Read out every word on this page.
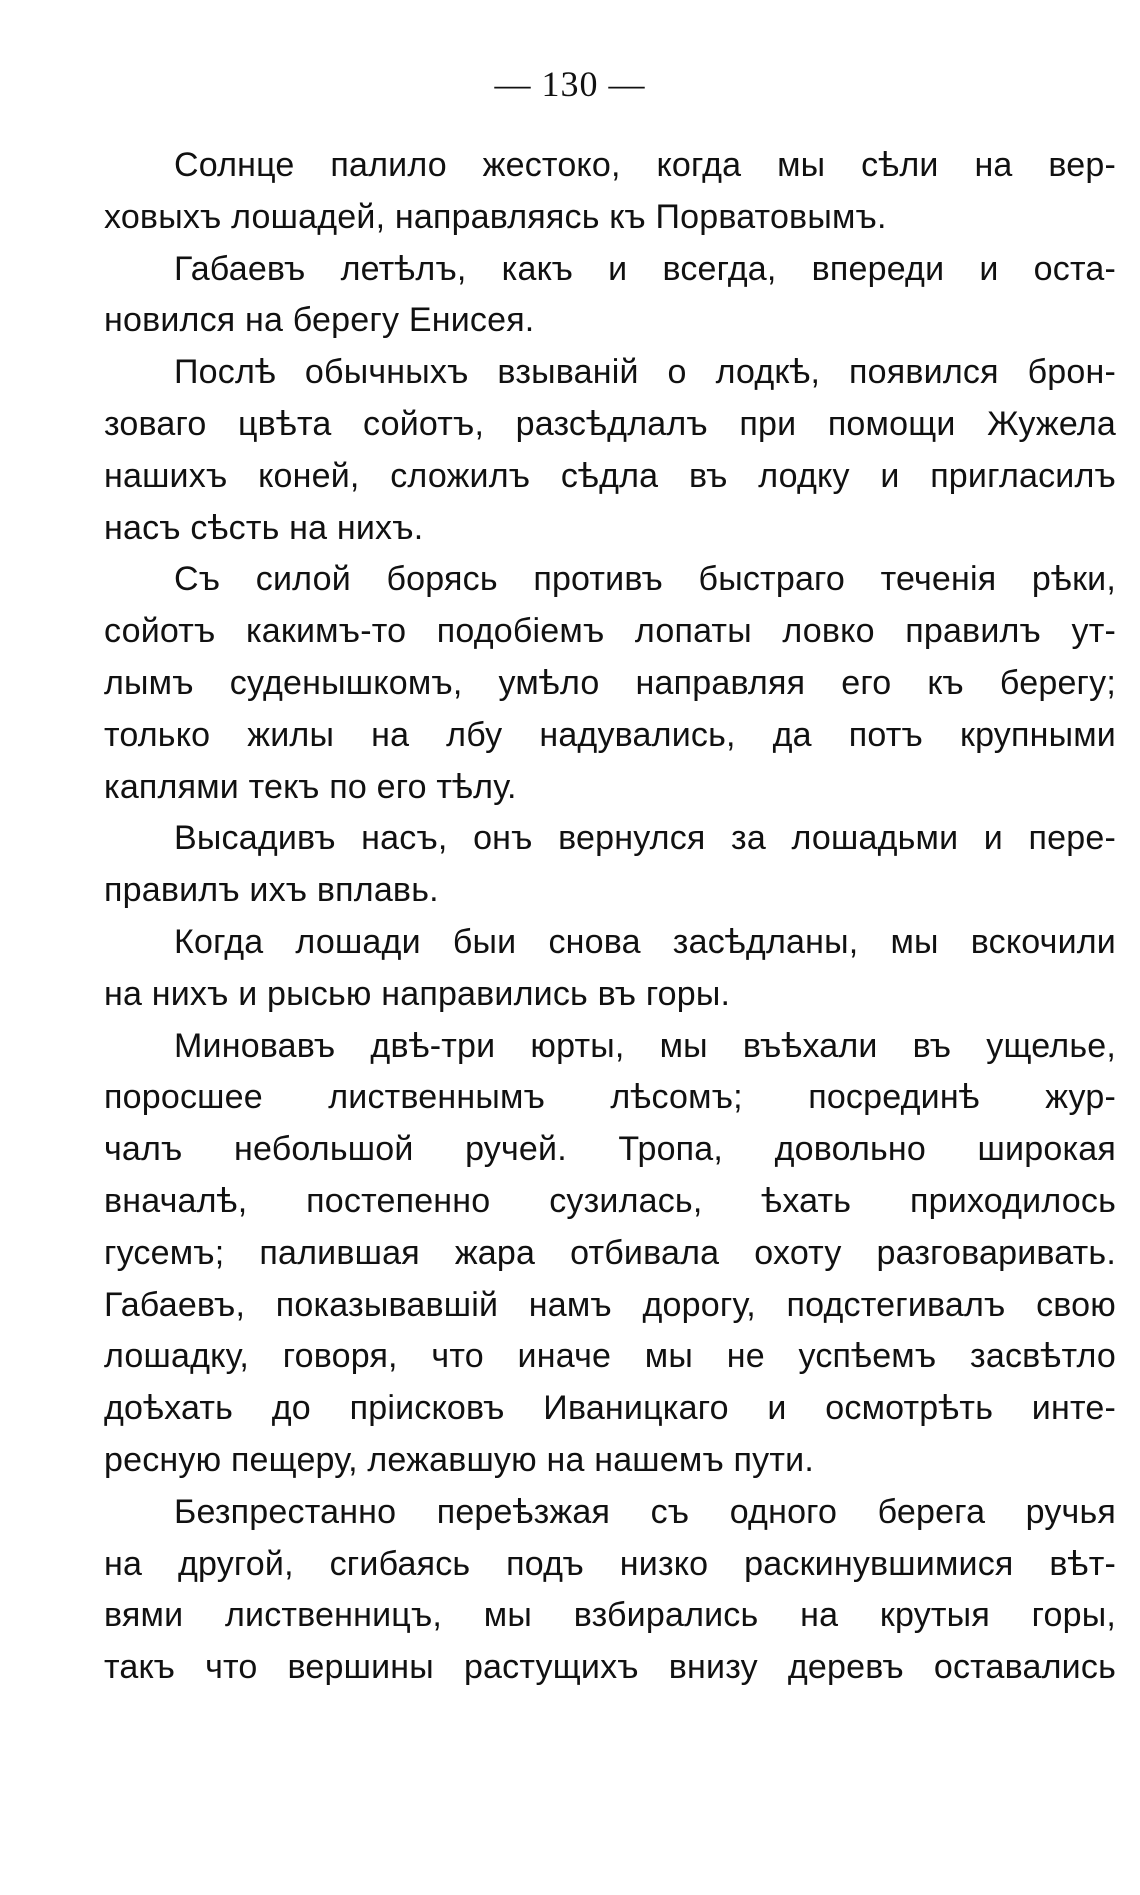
— 130 —
Солнце палило жестоко, когда мы сѣли на вер-
ховыхъ лошадей, направляясь къ Порватовымъ.
Габаевъ летѣлъ, какъ и всегда, впереди и оста-
новился на берегу Енисея.
Послѣ обычныхъ взываній о лодкѣ, появился брон-
зоваго цвѣта сойотъ, разсѣдлалъ при помощи Жужела
нашихъ коней, сложилъ сѣдла въ лодку и пригласилъ
насъ сѣсть на нихъ.
Съ силой борясь противъ быстраго теченія рѣки,
сойотъ какимъ-то подобіемъ лопаты ловко правилъ ут-
лымъ суденышкомъ, умѣло направляя его къ берегу;
только жилы на лбу надувались, да потъ крупными
каплями текъ по его тѣлу.
Высадивъ насъ, онъ вернулся за лошадьми и пере-
правилъ ихъ вплавь.
Когда лошади быи снова засѣдланы, мы вскочили
на нихъ и рысью направились въ горы.
Миновавъ двѣ-три юрты, мы въѣхали въ ущелье,
поросшее лиственнымъ лѣсомъ; посрединѣ жур-
чалъ небольшой ручей. Тропа, довольно широкая
вначалѣ, постепенно сузилась, ѣхать приходилось
гусемъ; палившая жара отбивала охоту разговаривать.
Габаевъ, показывавшій намъ дорогу, подстегивалъ свою
лошадку, говоря, что иначе мы не успѣемъ засвѣтло
доѣхать до пріисковъ Иваницкаго и осмотрѣть инте-
ресную пещеру, лежавшую на нашемъ пути.
Безпрестанно переѣзжая съ одного берега ручья
на другой, сгибаясь подъ низко раскинувшимися вѣт-
вями лиственницъ, мы взбирались на крутыя горы,
такъ что вершины растущихъ внизу деревъ оставались
